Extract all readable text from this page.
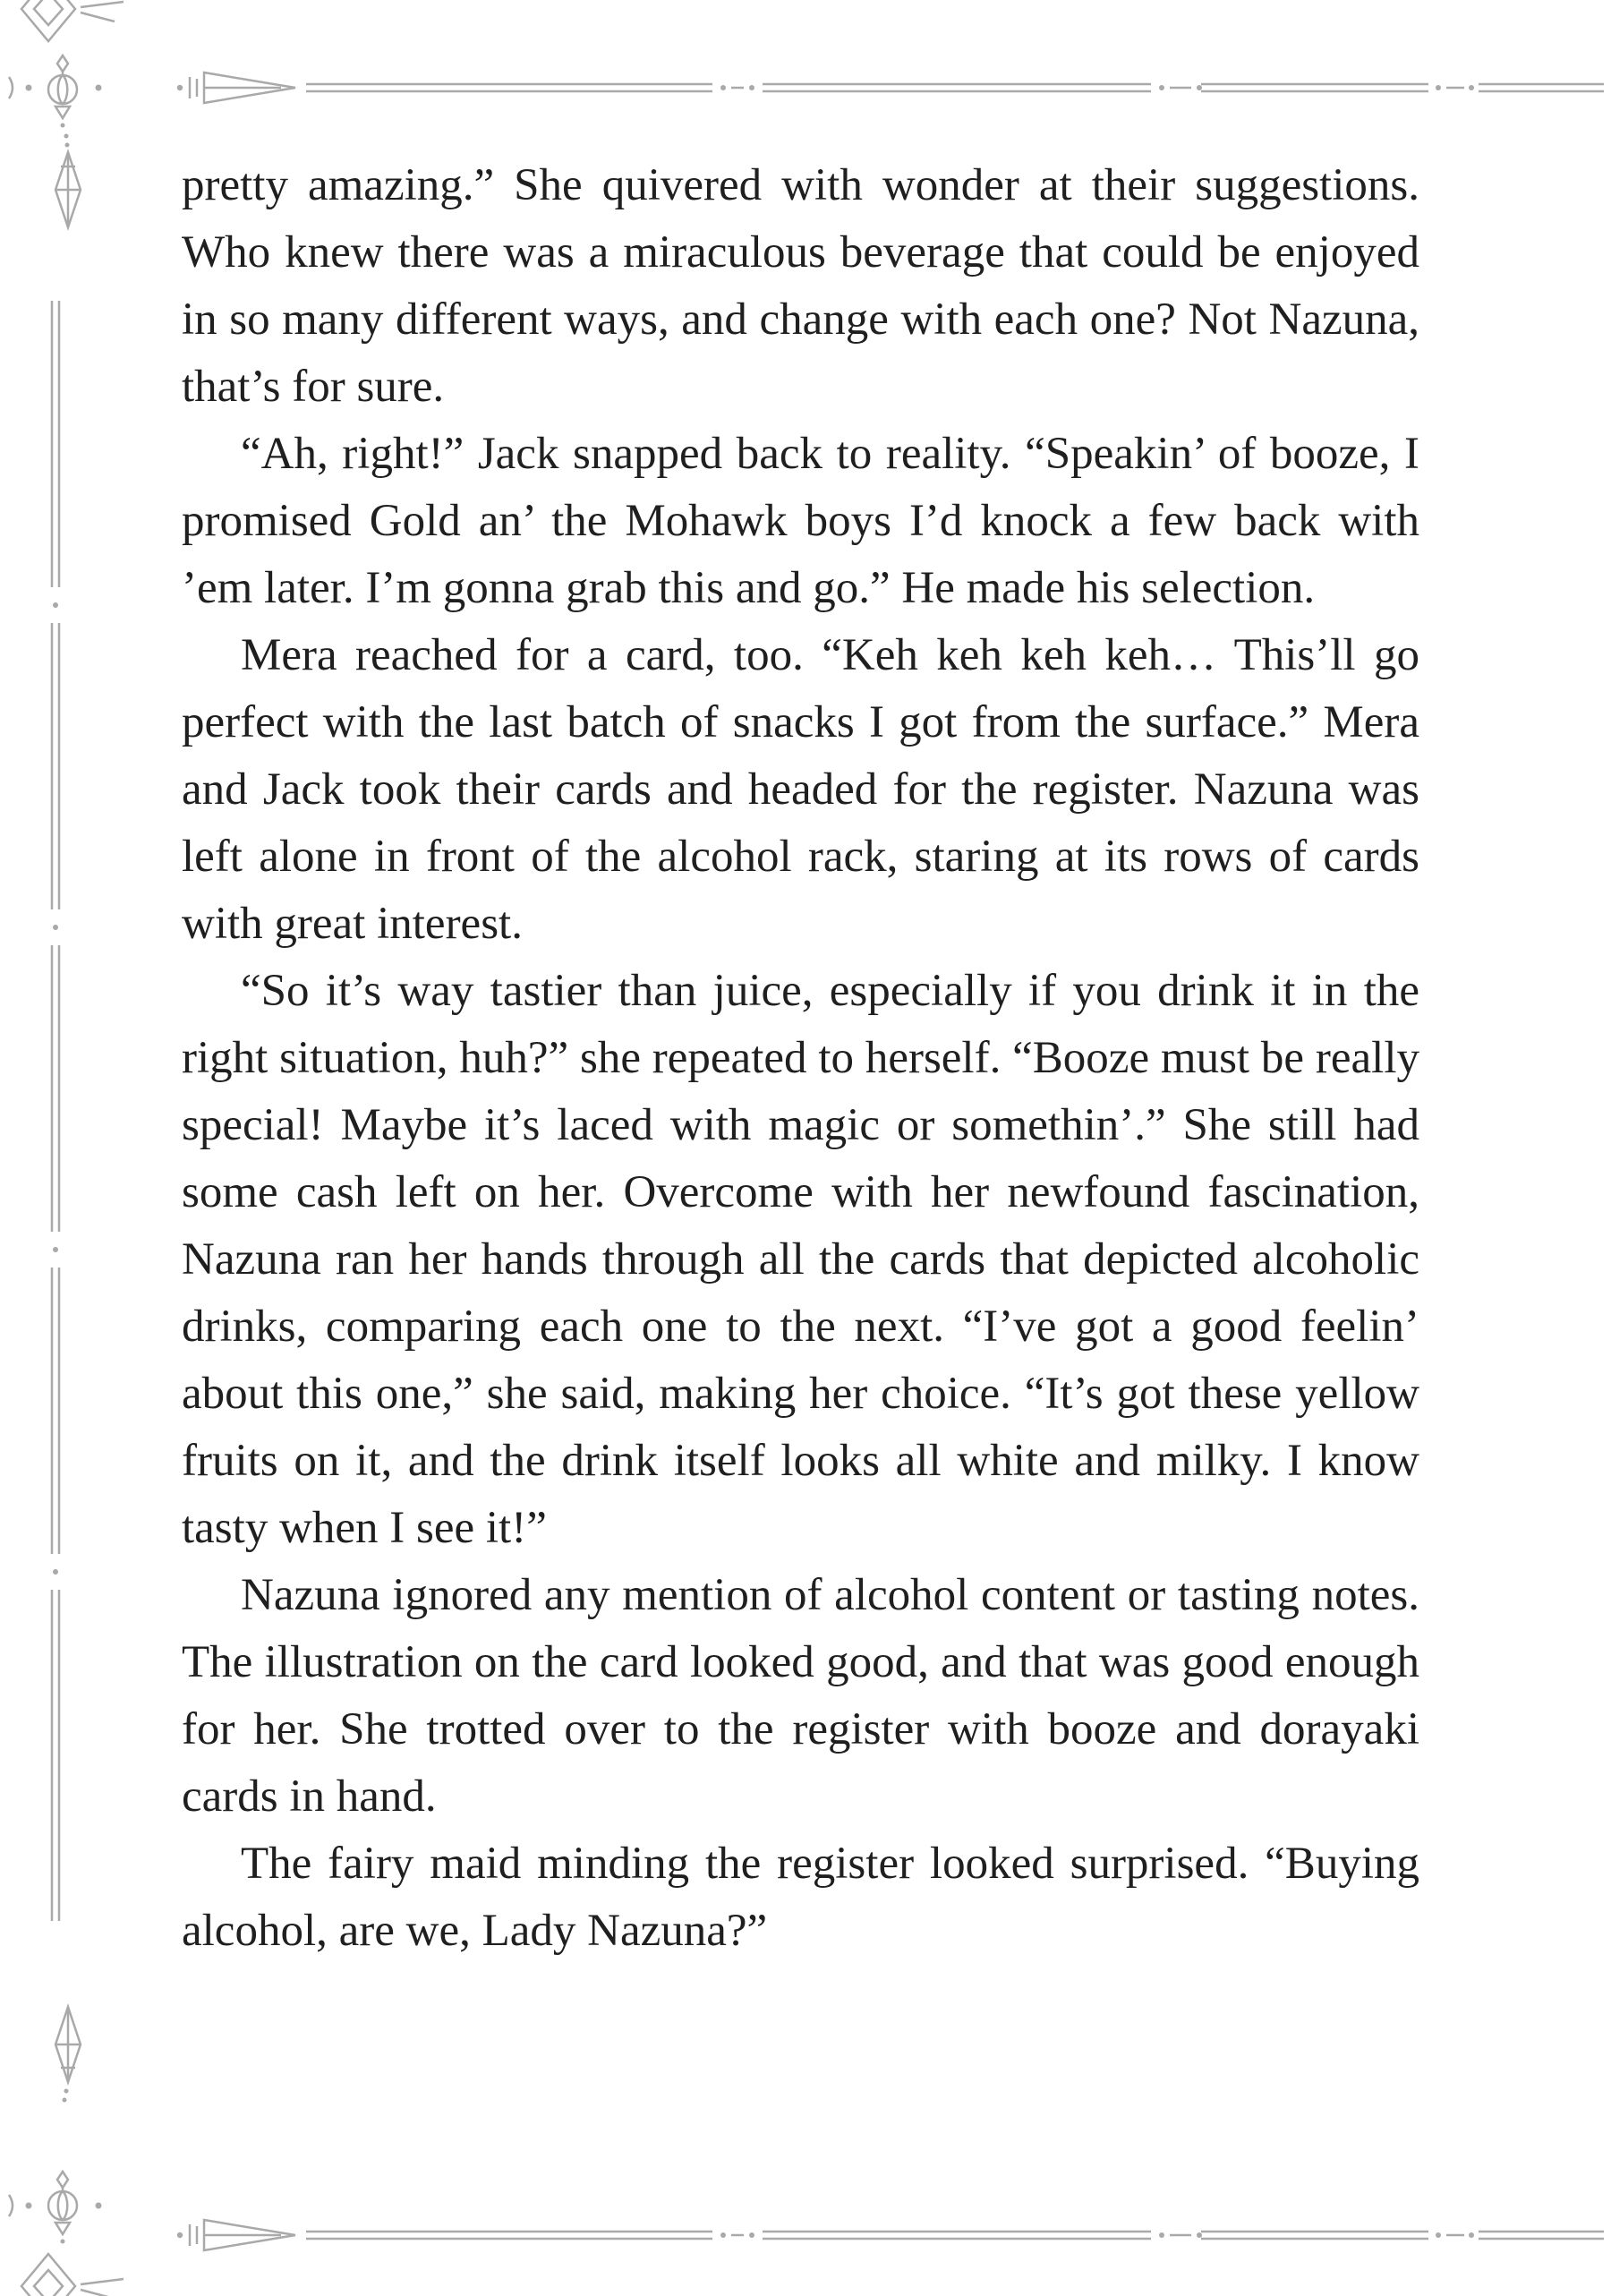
pretty amazing.” She quivered with wonder at their suggestions. Who knew there was a miraculous beverage that could be enjoyed in so many different ways, and change with each one? Not Nazuna, that’s for sure.

“Ah, right!” Jack snapped back to reality. “Speakin’ of booze, I promised Gold an’ the Mohawk boys I’d knock a few back with ’em later. I’m gonna grab this and go.” He made his selection.

Mera reached for a card, too. “Keh keh keh keh… This’ll go perfect with the last batch of snacks I got from the surface.” Mera and Jack took their cards and headed for the register. Nazuna was left alone in front of the alcohol rack, staring at its rows of cards with great interest.

“So it’s way tastier than juice, especially if you drink it in the right situation, huh?” she repeated to herself. “Booze must be really special! Maybe it’s laced with magic or somethin’.” She still had some cash left on her. Overcome with her newfound fascination, Nazuna ran her hands through all the cards that depicted alcoholic drinks, comparing each one to the next. “I’ve got a good feelin’ about this one,” she said, making her choice. “It’s got these yellow fruits on it, and the drink itself looks all white and milky. I know tasty when I see it!”

Nazuna ignored any mention of alcohol content or tasting notes. The illustration on the card looked good, and that was good enough for her. She trotted over to the register with booze and dorayaki cards in hand.

The fairy maid minding the register looked surprised. “Buying alcohol, are we, Lady Nazuna?”
